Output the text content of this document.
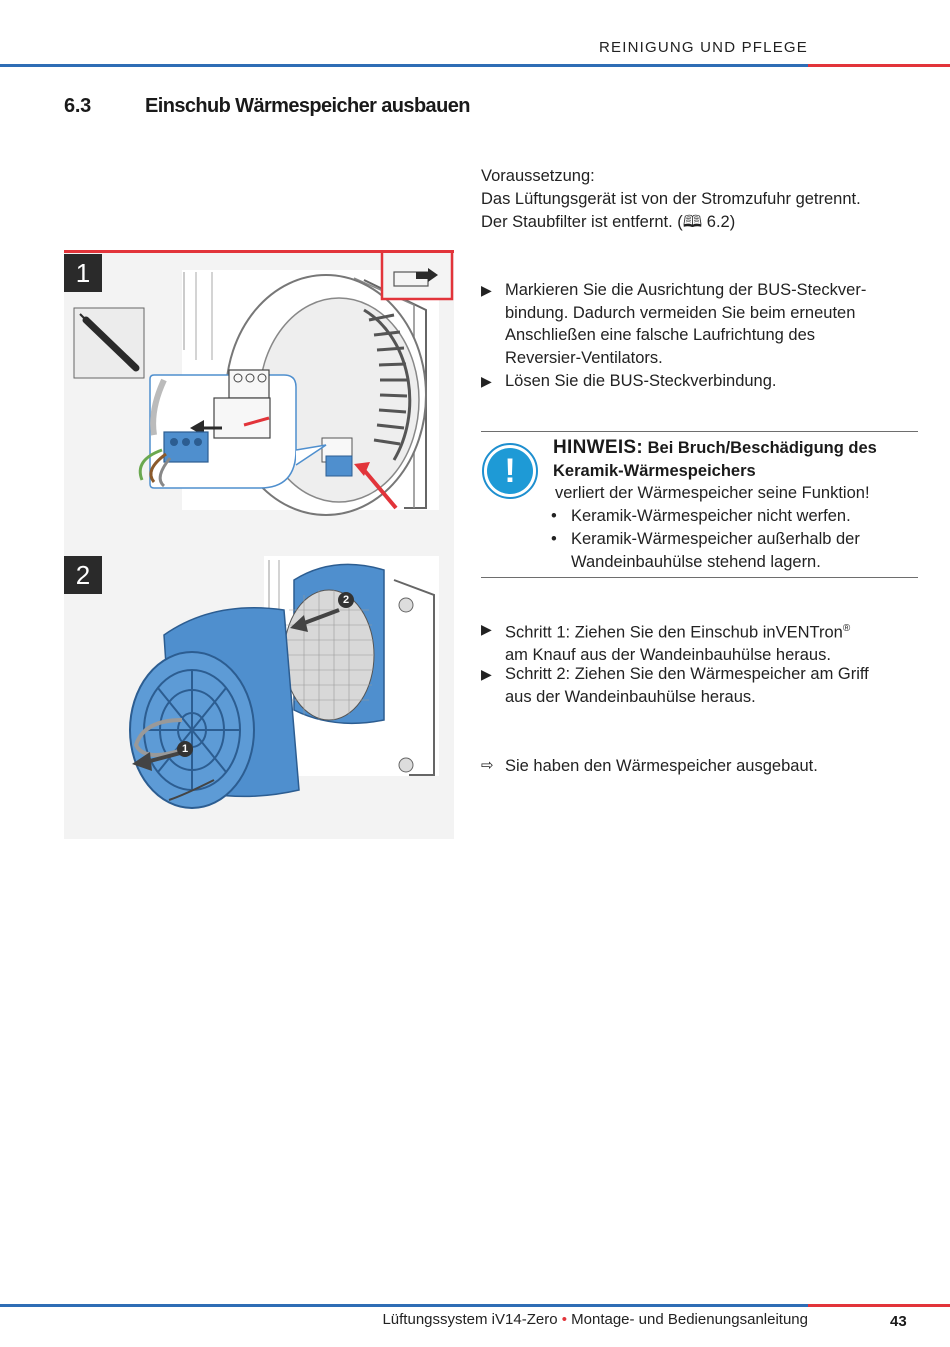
REINIGUNG UND PFLEGE
6.3	Einschub Wärmespeicher ausbauen
Voraussetzung:
Das Lüftungsgerät ist von der Stromzufuhr getrennt.
Der Staubfilter ist entfernt. (🕮 6.2)
▶ Markieren Sie die Ausrichtung der BUS-Steckver-
bindung. Dadurch vermeiden Sie beim erneuten
Anschließen eine falsche Laufrichtung des
Reversier-Ventilators.
▶ Lösen Sie die BUS-Steckverbindung.
!
HINWEIS: Bei Bruch/Beschädigung des
Keramik-Wärmespeichers
verliert der Wärmespeicher seine Funktion!
• Keramik-Wärmespeicher nicht werfen.
• Keramik-Wärmespeicher außerhalb der
Wandeinbauhülse stehend lagern.
▶ Schritt 1: Ziehen Sie den Einschub inVENTron®
am Knauf aus der Wandeinbauhülse heraus.
▶ Schritt 2: Ziehen Sie den Wärmespeicher am Griff
aus der Wandeinbauhülse heraus.
⇨ Sie haben den Wärmespeicher ausgebaut.
1
2
2
1
Lüftungssystem iV14-Zero • Montage- und Bedienungsanleitung	43
